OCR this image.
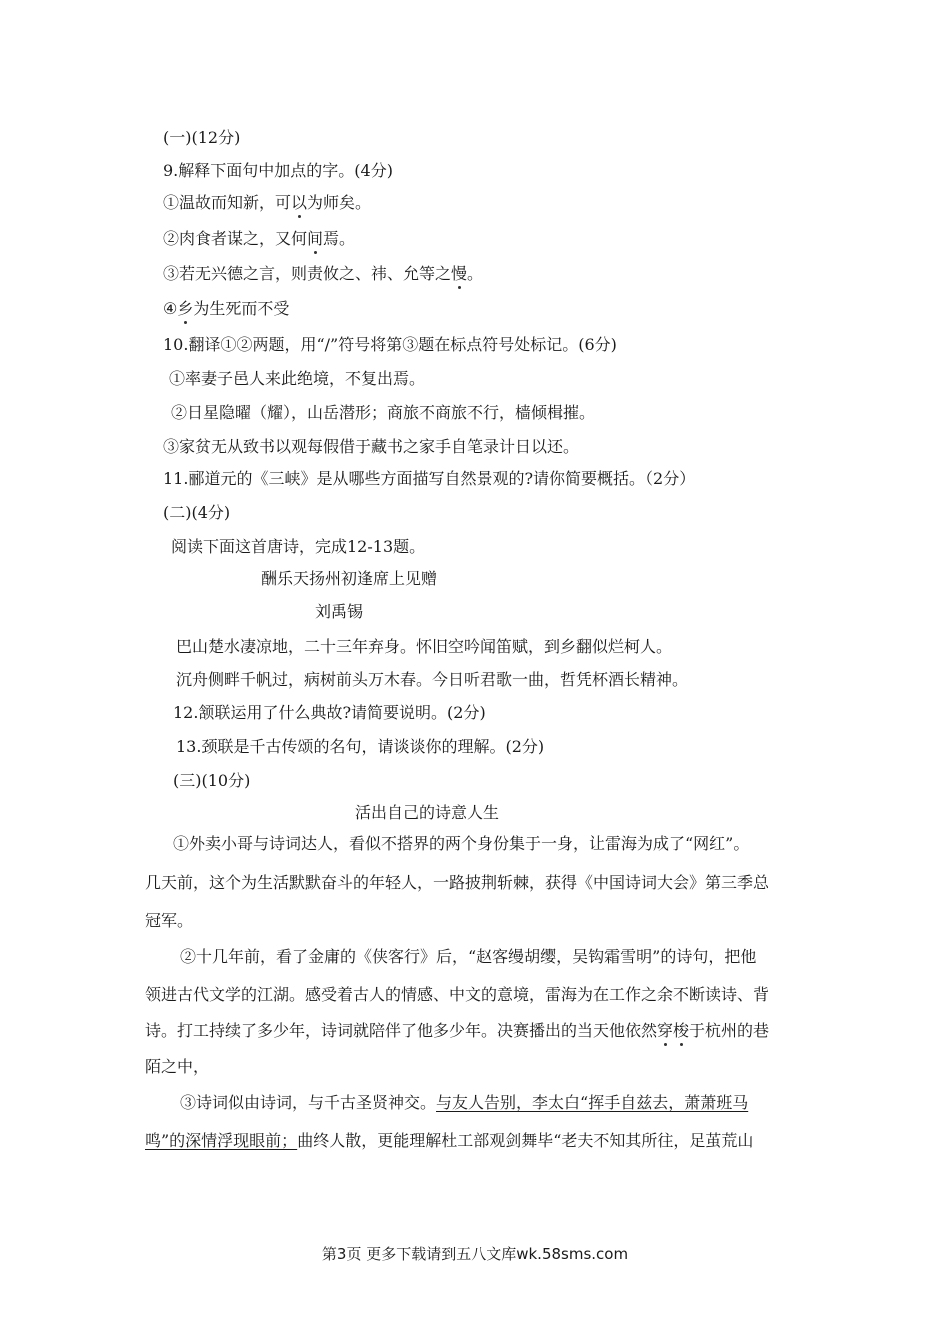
(一)(12分)
9.解释下面句中加点的字。(4分)
①温故而知新，可以为师矣。
②肉食者谋之，又何间焉。
③若无兴德之言，则责攸之、祎、允等之慢。
④乡为生死而不受
10.翻译①②两题，用“/”符号将第③题在标点符号处标记。(6分)
①率妻子邑人来此绝境，不复出焉。
②日星隐曜（耀），山岳潜形；商旅不商旅不行，樯倾楫摧。
③家贫无从致书以观每假借于藏书之家手自笔录计日以还。
11.郦道元的《三峡》是从哪些方面描写自然景观的?请你简要概括。（2分）
(二)(4分)
阅读下面这首唐诗，完成12-13题。
酬乐天扬州初逢席上见赠
刘禹锡
巴山楚水凄凉地，二十三年弃身。怀旧空吟闻笛赋，到乡翻似烂柯人。
沉舟侧畔千帆过，病树前头万木春。今日听君歌一曲，哲凭杯酒长精神。
12.颔联运用了什么典故?请简要说明。(2分)
13.颈联是千古传颂的名句，请谈谈你的理解。(2分)
(三)(10分)
活出自己的诗意人生
①外卖小哥与诗词达人，看似不搭界的两个身份集于一身，让雷海为成了“网红”。
几天前，这个为生活默默奋斗的年轻人，一路披荆斩棘，获得《中国诗词大会》第三季总
冠军。
②十几年前，看了金庸的《侠客行》后，“赵客缦胡缨，吴钩霜雪明”的诗句，把他
领进古代文学的江湖。感受着古人的情感、中文的意境，雷海为在工作之余不断读诗、背
诗。打工持续了多少年，诗词就陪伴了他多少年。决赛播出的当天他依然穿梭于杭州的巷
陌之中，
③诗词似由诗词，与千古圣贤神交。与友人告别，李太白“挥手自兹去，萧萧班马
鸣”的深情浮现眼前；曲终人散，更能理解杜工部观剑舞毕“老夫不知其所往，足茧荒山
第3页 更多下载请到五八文库wk.58sms.com
